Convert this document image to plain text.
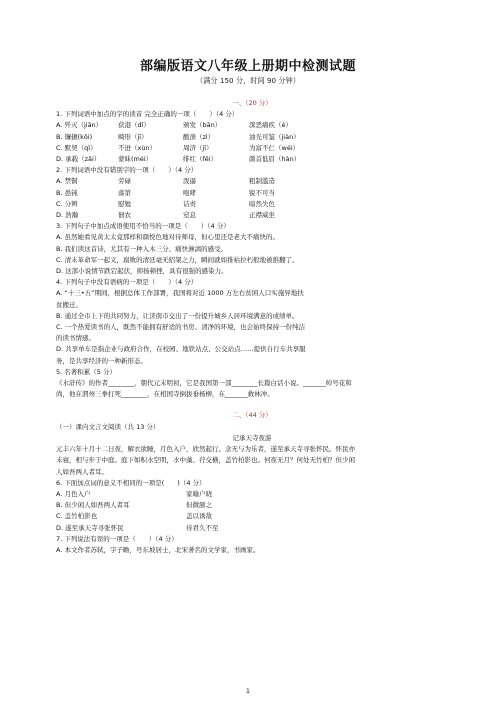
部编版语文八年级上册期中检测试题
（满分 150 分，时间 90 分钟）
一、（20 分）
1. 下列词语中加点的字的读音 完全正确的一项（　　）（4 分）
A. 歼灭（jiān） 获港（dǐ）	颁发（bān）	深恶痛疾（è）
B. 镰辗(kōi)	畸形（jī）	酸溃（zì）	油光可鉴（jiàn）
C. 默契（qì）	不迸（xùn）	周济（jī）	为富不仁（wéi）
D. 承载（zǎi）	蒙昧(méi）	绯红（fēi）	颜首低眉（hàn）
2. 下列词语中没有错别字的一项（　　）（4 分）
A. 禁铜	劳碌	泼逼	粗制滥造
B. 愚钝	落第	咆哮	锐不可当
C. 分辨	慰勉	诘责	暗然失色
D. 浩瀚	佃农	窒息	正襟威坐
3. 下列句子中加点成语使用不恰当的一项是（　　）（4 分）
A. 虽然她看见黄太太竟那样和颜悦色地对待师母，但心里还是老大不痛快的。
B. 我们读这首诗，尤其有一种入木三分、痛快淋漓的感受。
C. 清末革命军一起义，腐败的清廷毫无招架之力，瞬间就如推枯拉朽般地被推翻了。
D. 这部小说情节跌宕起伏，抑扬顿挫，具有很强的感染力。
4. 下列句子中没有语病的一项是（　　）（4 分）
A. “十三•五”期间，根据总体工作部署，我国将对近 1000 万左右贫困人口实施异地扶
贫搬迁。
B. 通过全市上下的共同努力，让济南市交出了一份提升城乡人居环境满意的成绩单。
C. 一个热爱读书的人，既然不能拥有舒适的书房、清净的环境，也会始终保持一份纯洁
的读书情感。
D. 共享单车是指企业与政府合作，在校园、地铁站点、公交站点……提供自行车共享服
务，是共享经济的一种新形态。
5. 名著积累（5 分）
《水浒传》的作者________，朝代元末明初，它是我国第一部________长篇白话小说。_______绰号花和
尚，他在渭州三拳打死________，在相国寺倒拔垂杨柳，在_______救林冲。
二、（44 分）
（一）课内文言文阅读（共 13 分）
记承天寺夜游
元丰六年十月十二日夜，解衣欲睡，月色入户，欣然起行。念无与为乐者，遂至承天寺寻张怀民。怀民亦
未寝，相与步于中庭。庭下如积水空明，水中藻、荇交横，盖竹柏影也。何夜无月？何处无竹柏？但少闲
人如吾两人者耳。
6. 下面加点词的意义不相同的一项是(　　)（4 分）
A. 月色入户	家喻户晓
B. 但少闲人如吾两人者耳	但微颔之
C. 盖竹柏影也	盖以诱敌
D. 遂至承天寺寻张怀民	待君久不至
7. 下列说法有误的一项是（　　）（4 分）
A. 本文作者苏轼，字子瞻，号东坡居士，北宋著名的文学家，书画家。
1
